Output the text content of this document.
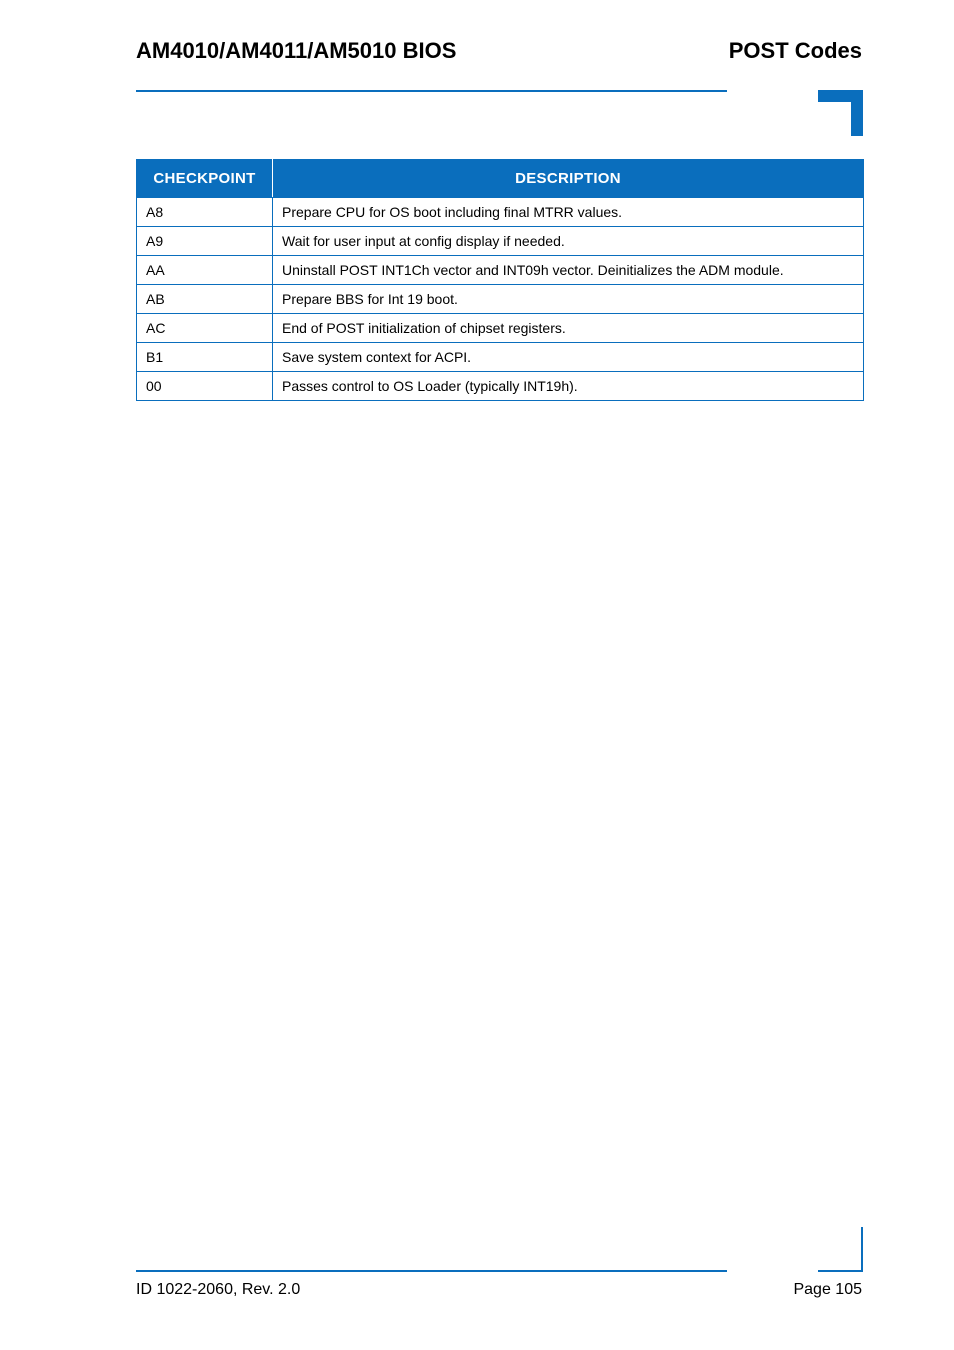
AM4010/AM4011/AM5010 BIOS	POST Codes
CHECKPOINT	DESCRIPTION
A8	Prepare CPU for OS boot including final MTRR values.
A9	Wait for user input at config display if needed.
AA	Uninstall POST INT1Ch vector and INT09h vector. Deinitializes the ADM module.
AB	Prepare BBS for Int 19 boot.
AC	End of POST initialization of chipset registers.
B1	Save system context for ACPI.
00	Passes control to OS Loader (typically INT19h).
ID 1022-2060, Rev. 2.0	Page 105
